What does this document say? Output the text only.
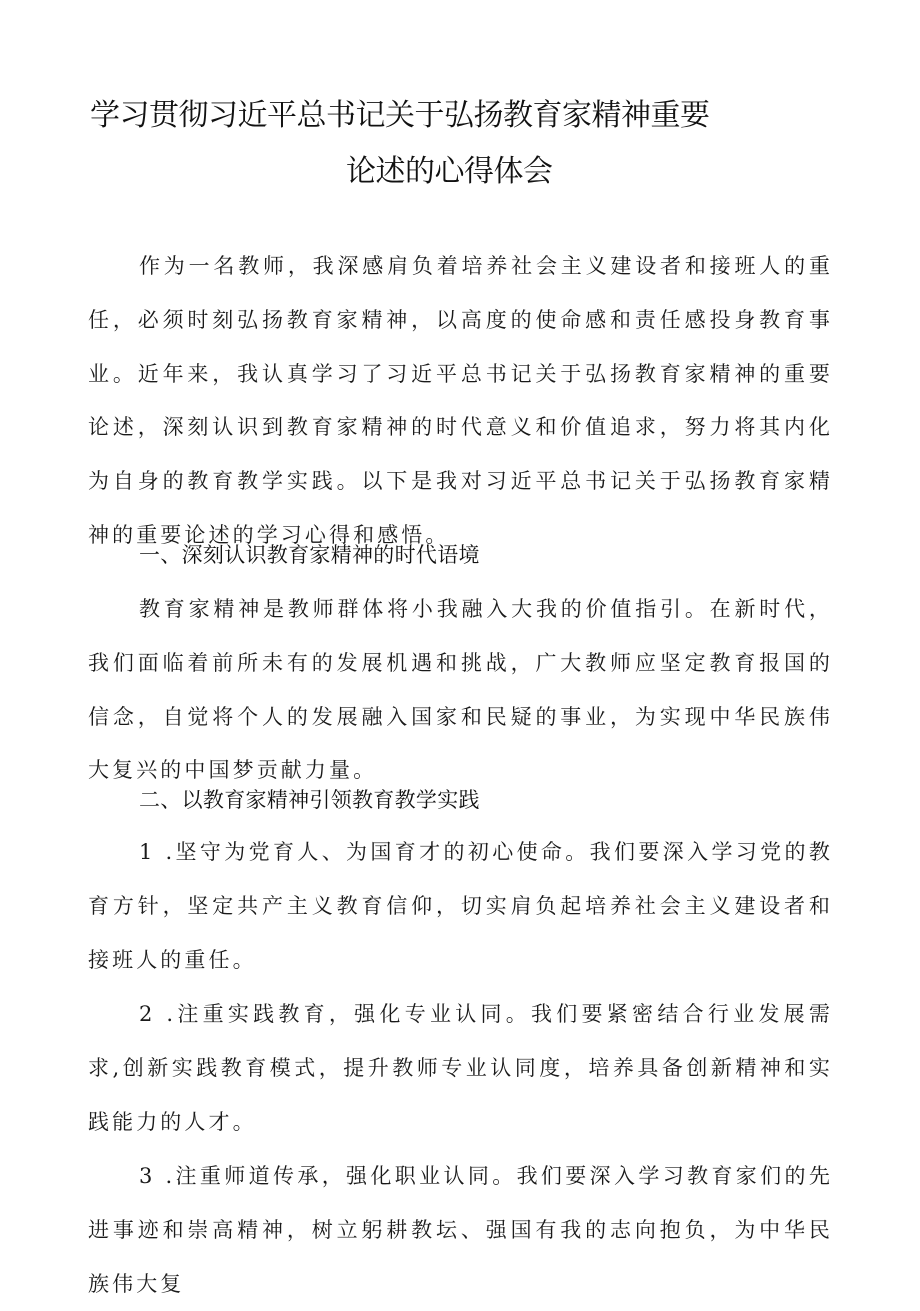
学习贯彻习近平总书记关于弘扬教育家精神重要
论述的心得体会

作为一名教师，我深感肩负着培养社会主义建设者和接班人的重任，必须时刻弘扬教育家精神，以高度的使命感和责任感投身教育事业。近年来，我认真学习了习近平总书记关于弘扬教育家精神的重要论述，深刻认识到教育家精神的时代意义和价值追求，努力将其内化为自身的教育教学实践。以下是我对习近平总书记关于弘扬教育家精神的重要论述的学习心得和感悟。

一、深刻认识教育家精神的时代语境

教育家精神是教师群体将小我融入大我的价值指引。在新时代，我们面临着前所未有的发展机遇和挑战，广大教师应坚定教育报国的信念，自觉将个人的发展融入国家和民疑的事业，为实现中华民族伟大复兴的中国梦贡献力量。

二、以教育家精神引领教育教学实践

1 .坚守为党育人、为国育才的初心使命。我们要深入学习党的教育方针，坚定共产主义教育信仰，切实肩负起培养社会主义建设者和接班人的重任。

2 .注重实践教育，强化专业认同。我们要紧密结合行业发展需求,创新实践教育模式，提升教师专业认同度，培养具备创新精神和实践能力的人才。

3 .注重师道传承，强化职业认同。我们要深入学习教育家们的先进事迹和崇高精神，树立躬耕教坛、强国有我的志向抱负，为中华民族伟大复
